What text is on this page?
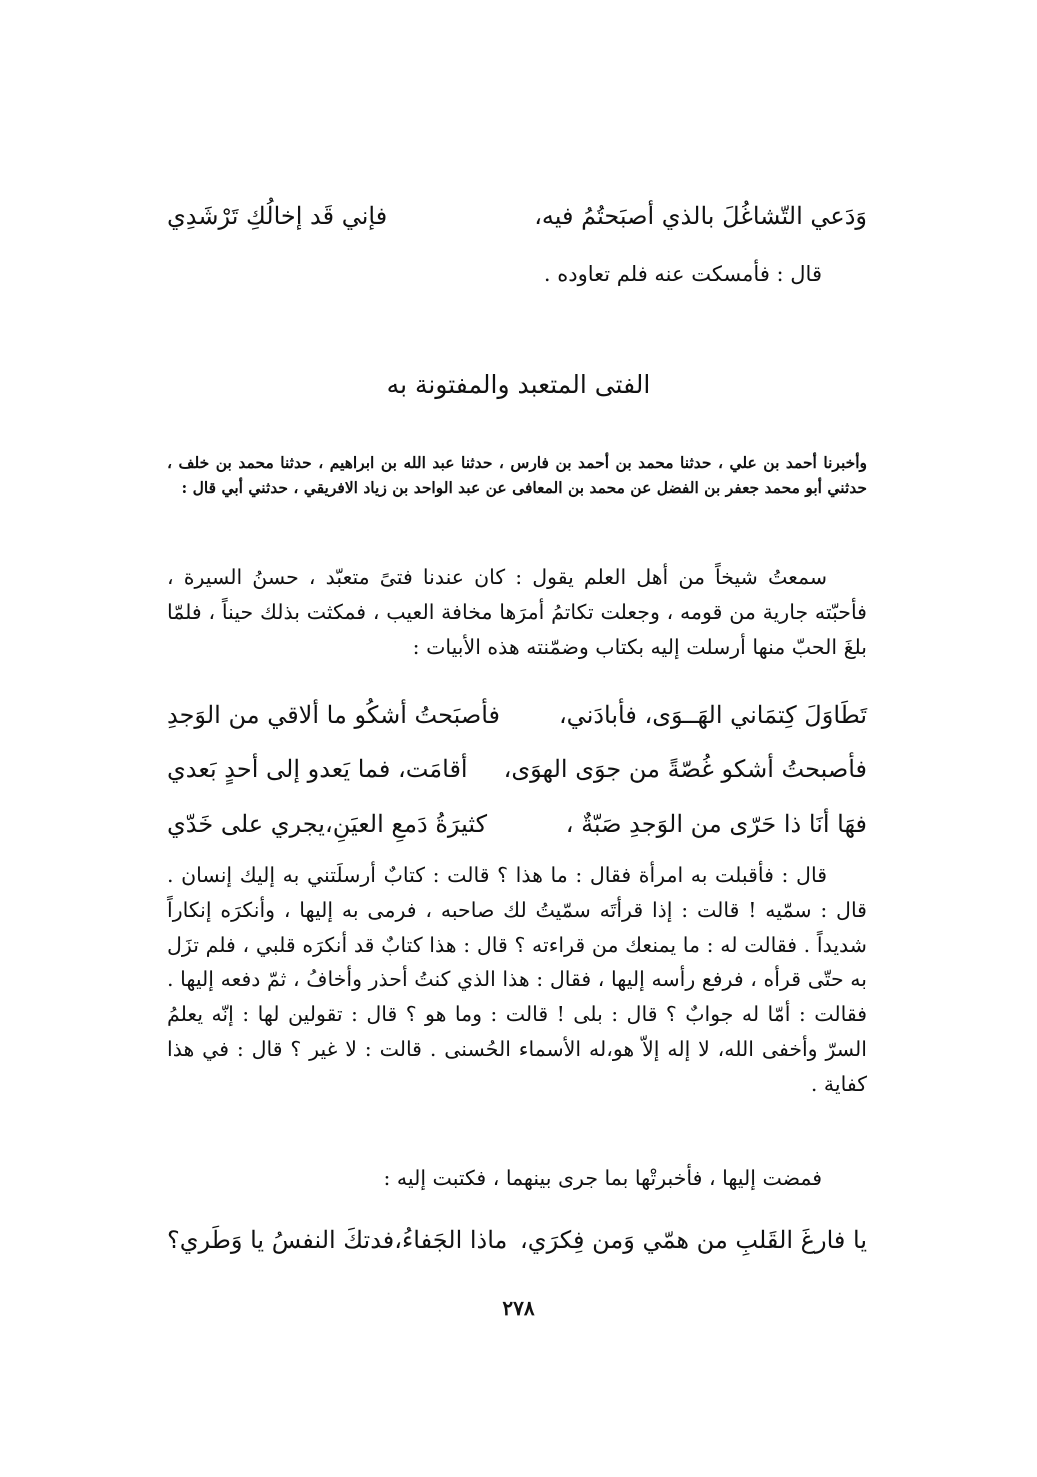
وَدَعي التّشاغُلَ بالذي أصبَحتُمُ فيه،
فإني قَد إخالُكِ تَرْشَدِي
قال : فأمسكت عنه فلم تعاوده .
الفتى المتعبد والمفتونة به
وأخبرنا أحمد بن علي ، حدثنا محمد بن أحمد بن فارس ، حدثنا عبد الله بن ابراهيم ، حدثنا محمد بن خلف ، حدثني أبو محمد جعفر بن الفضل عن محمد بن المعافى عن عبد الواحد بن زياد الافريقي ، حدثني أبي قال :
سمعتُ شيخاً من أهل العلم يقول : كان عندنا فتىً متعبّد ، حسنُ السيرة ، فأحبّته جارية من قومه ، وجعلت تكاتمُ أمرَها مخافة العيب ، فمكثت بذلك حيناً ، فلمّا بلغَ الحبّ منها أرسلت إليه بكتاب وضمّنته هذه الأبيات :
تَطَاوَلَ كِتمَاني الهَــوَى، فأبادَني،
فأصبَحتُ أشكُو ما ألاقي من الوَجدِ
فأصبحتُ أشكو غُصّةً من جوَى الهوَى،
أقامَت، فما يَعدو إلى أحدٍ بَعدي
فهَا أنَا ذا حَرّى من الوَجدِ صَبّةٌ ،
كثيرَةُ دَمعِ العيَنِ،يجري على خَدّي
قال : فأقبلت به امرأة فقال : ما هذا ؟ قالت : كتابٌ أرسلَتني به إليك إنسان . قال : سمّيه ! قالت : إذا قرأتَه سمّيتُ لك صاحبه ، فرمى به إليها ، وأنكرَه إنكاراً شديداً . فقالت له : ما يمنعك من قراءته ؟ قال : هذا كتابٌ قد أنكرَه قلبي ، فلم تزَل به حتّى قرأه ، فرفع رأسه إليها ، فقال : هذا الذي كنتُ أحذر وأخافُ ، ثمّ دفعه إليها . فقالت : أمّا له جوابٌ ؟ قال : بلى ! قالت : وما هو ؟ قال : تقولين لها : إنّه يعلمُ السرّ وأخفى الله، لا إله إلاّ هو،له الأسماء الحُسنى . قالت : لا غير ؟ قال : في هذا كفاية .
فمضت إليها ، فأخبرتْها بما جرى بينهما ، فكتبت إليه :
يا فارغَ القَلبِ من همّي وَمن فِكرَي،
ماذا الجَفاءُ،فدتكَ النفسُ يا وَطَري؟
٢٧٨
